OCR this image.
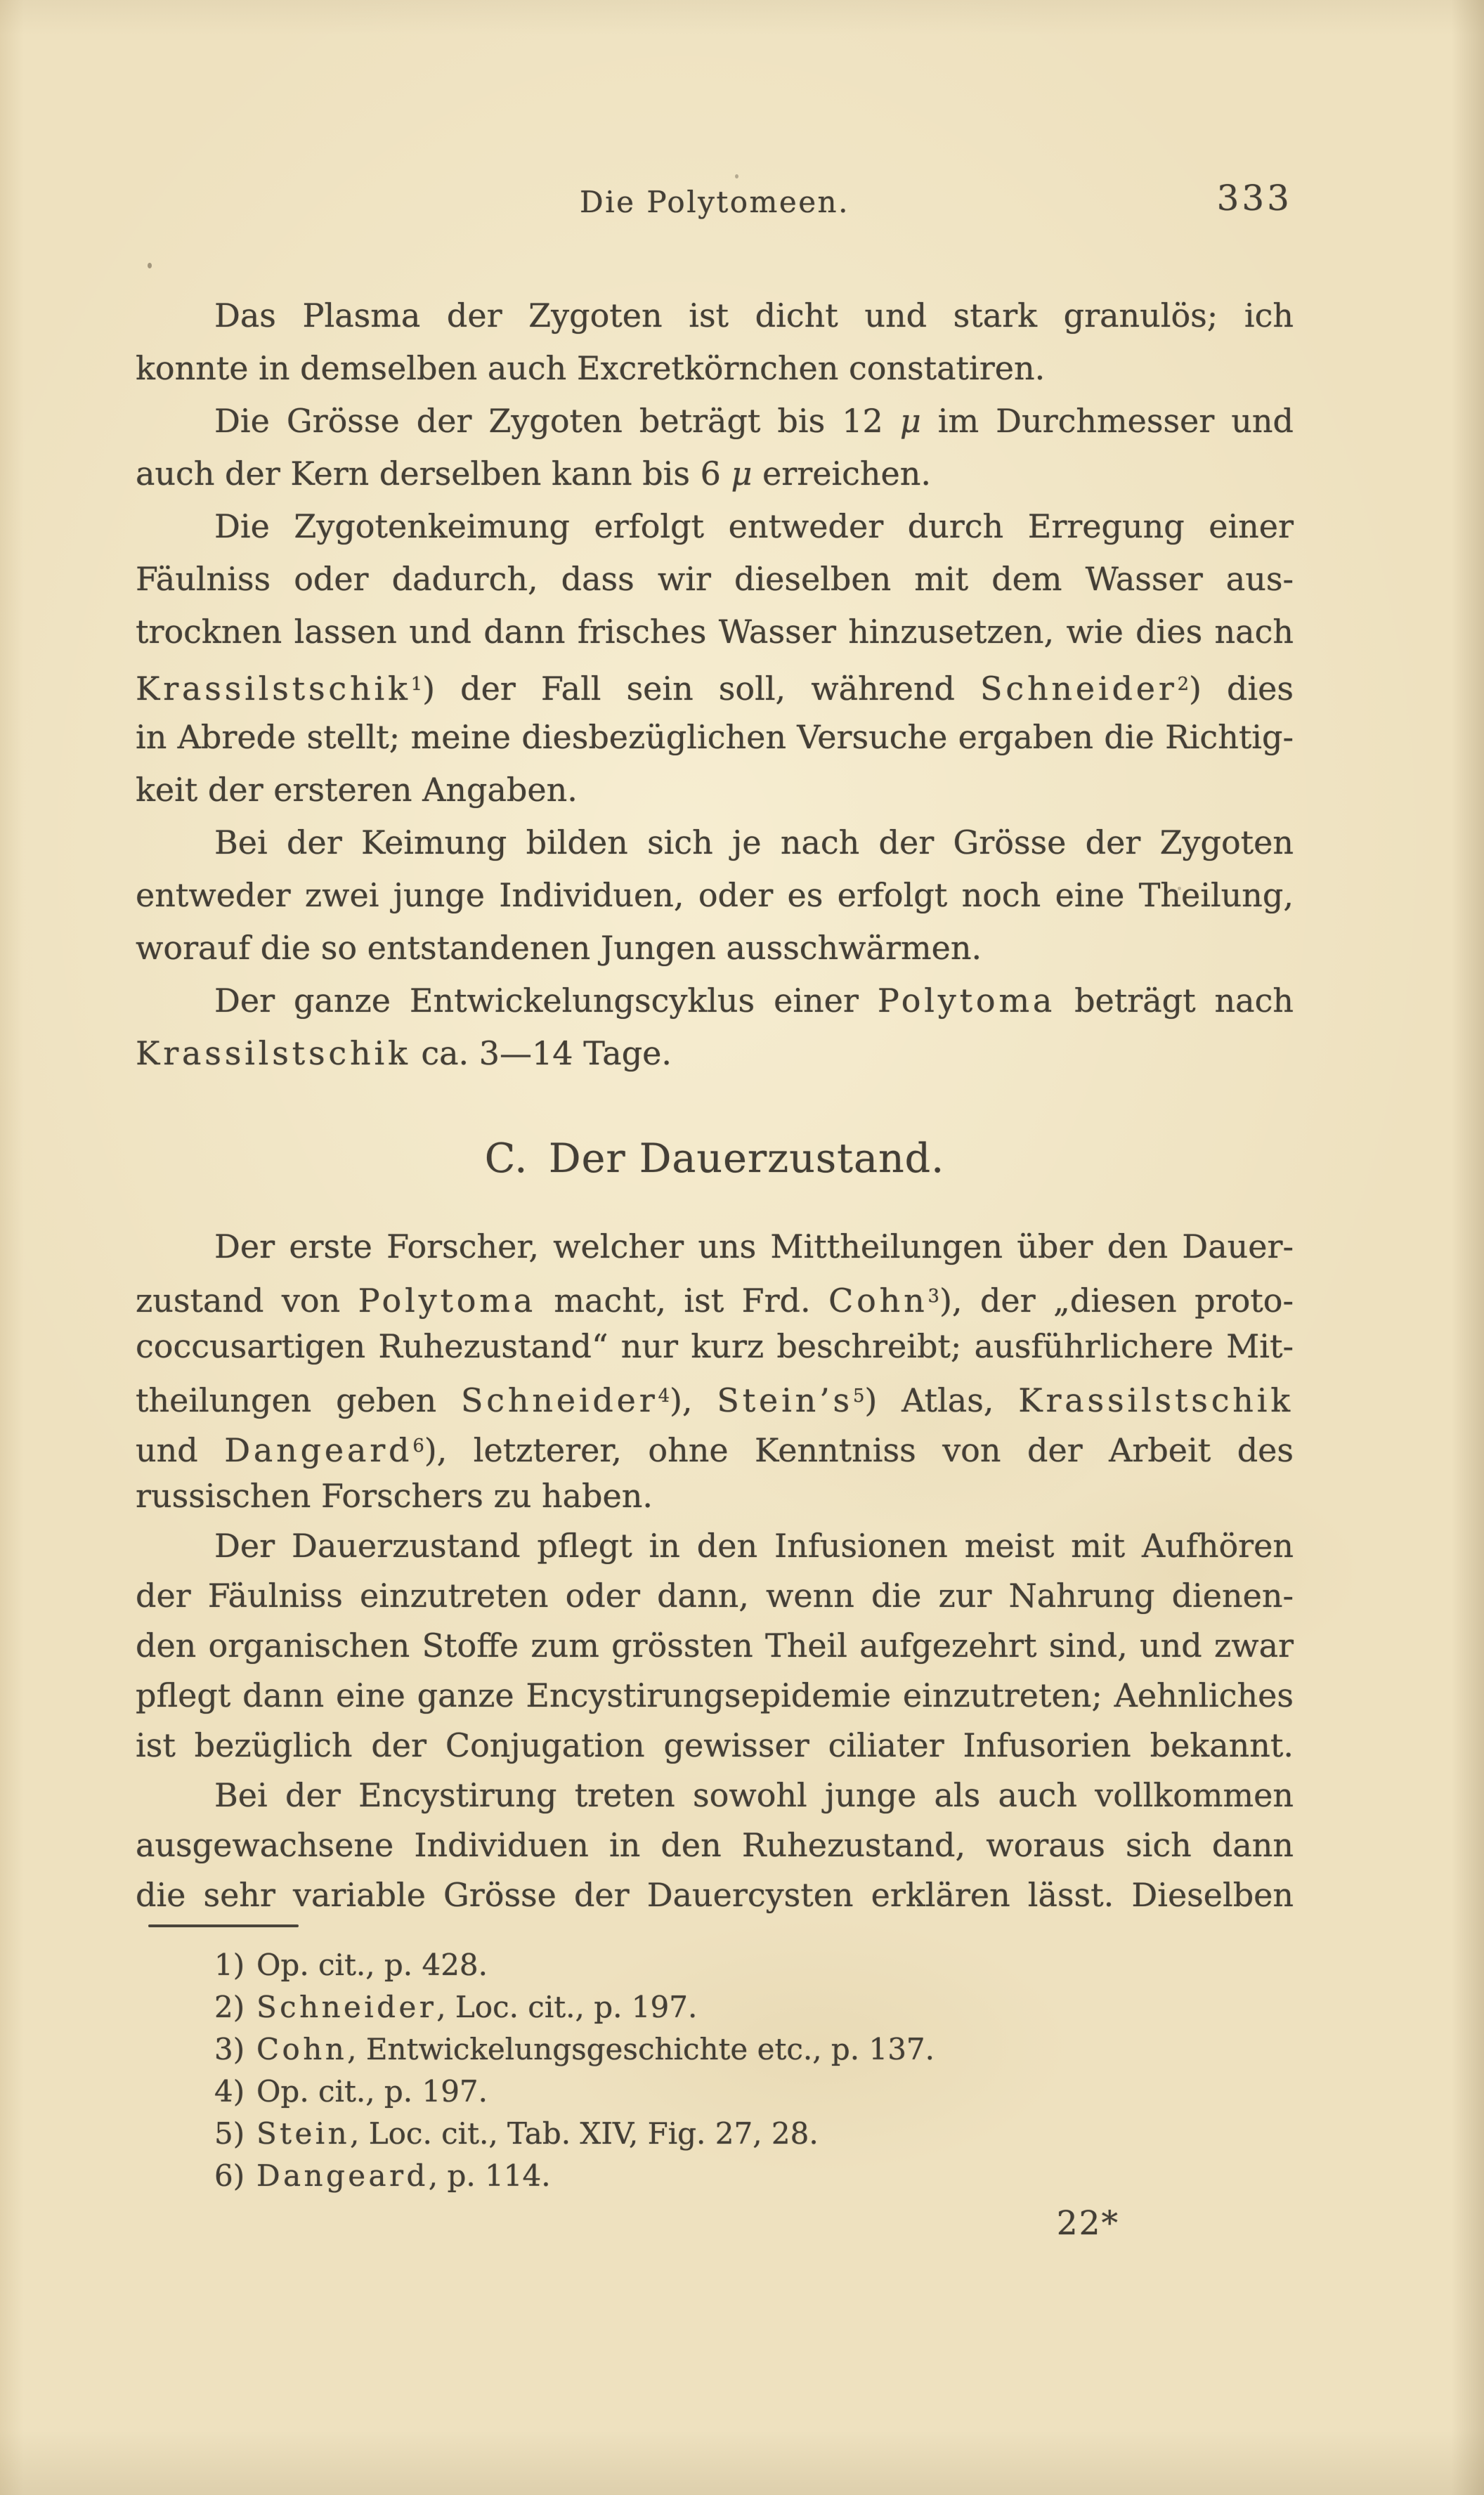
Die Polytomeen.	333
Das Plasma der Zygoten ist dicht und stark granulös; ich
konnte in demselben auch Excretkörnchen constatiren.
Die Grösse der Zygoten beträgt bis 12 μ im Durchmesser und
auch der Kern derselben kann bis 6 μ erreichen.
Die Zygotenkeimung erfolgt entweder durch Erregung einer
Fäulniss oder dadurch, dass wir dieselben mit dem Wasser aus-
trocknen lassen und dann frisches Wasser hinzusetzen, wie dies nach
Krassilstschik$^1$) der Fall sein soll, während Schneider$^2$) dies
in Abrede stellt; meine diesbezüglichen Versuche ergaben die Richtig-
keit der ersteren Angaben.
Bei der Keimung bilden sich je nach der Grösse der Zygoten
entweder zwei junge Individuen, oder es erfolgt noch eine Theilung,
worauf die so entstandenen Jungen ausschwärmen.
Der ganze Entwickelungscyklus einer Polytoma beträgt nach
Krassilstschik ca. 3—14 Tage.
C. Der Dauerzustand.
Der erste Forscher, welcher uns Mittheilungen über den Dauer-
zustand von Polytoma macht, ist Frd. Cohn$^3$), der „diesen proto-
coccusartigen Ruhezustand“ nur kurz beschreibt; ausführlichere Mit-
theilungen geben Schneider$^4$), $Stein’s^5$) Atlas, Krassilstschik
und Dangeard$^6$), letzterer, ohne Kenntniss von der Arbeit des
russischen Forschers zu haben.
Der Dauerzustand pflegt in den Infusionen meist mit Aufhören
der Fäulniss einzutreten oder dann, wenn die zur Nahrung dienen-
den organischen Stoffe zum grössten Theil aufgezehrt sind, und zwar
pflegt dann eine ganze Encystirungsepidemie einzutreten; Aehnliches
ist bezüglich der Conjugation gewisser ciliater Infusorien bekannt.
Bei der Encystirung treten sowohl junge als auch vollkommen
ausgewachsene Individuen in den Ruhezustand, woraus sich dann
die sehr variable Grösse der Dauercysten erklären lässt. Dieselben
1) Op. cit., p. 428.
2) Schneider, Loc. cit., p. 197.
3) Cohn, Entwickelungsgeschichte etc., p. 137.
4) Op. cit., p. 197.
5) Stein, Loc. cit., Tab. XIV, Fig. 27, 28.
6) Dangeard, p. 114.
22*
